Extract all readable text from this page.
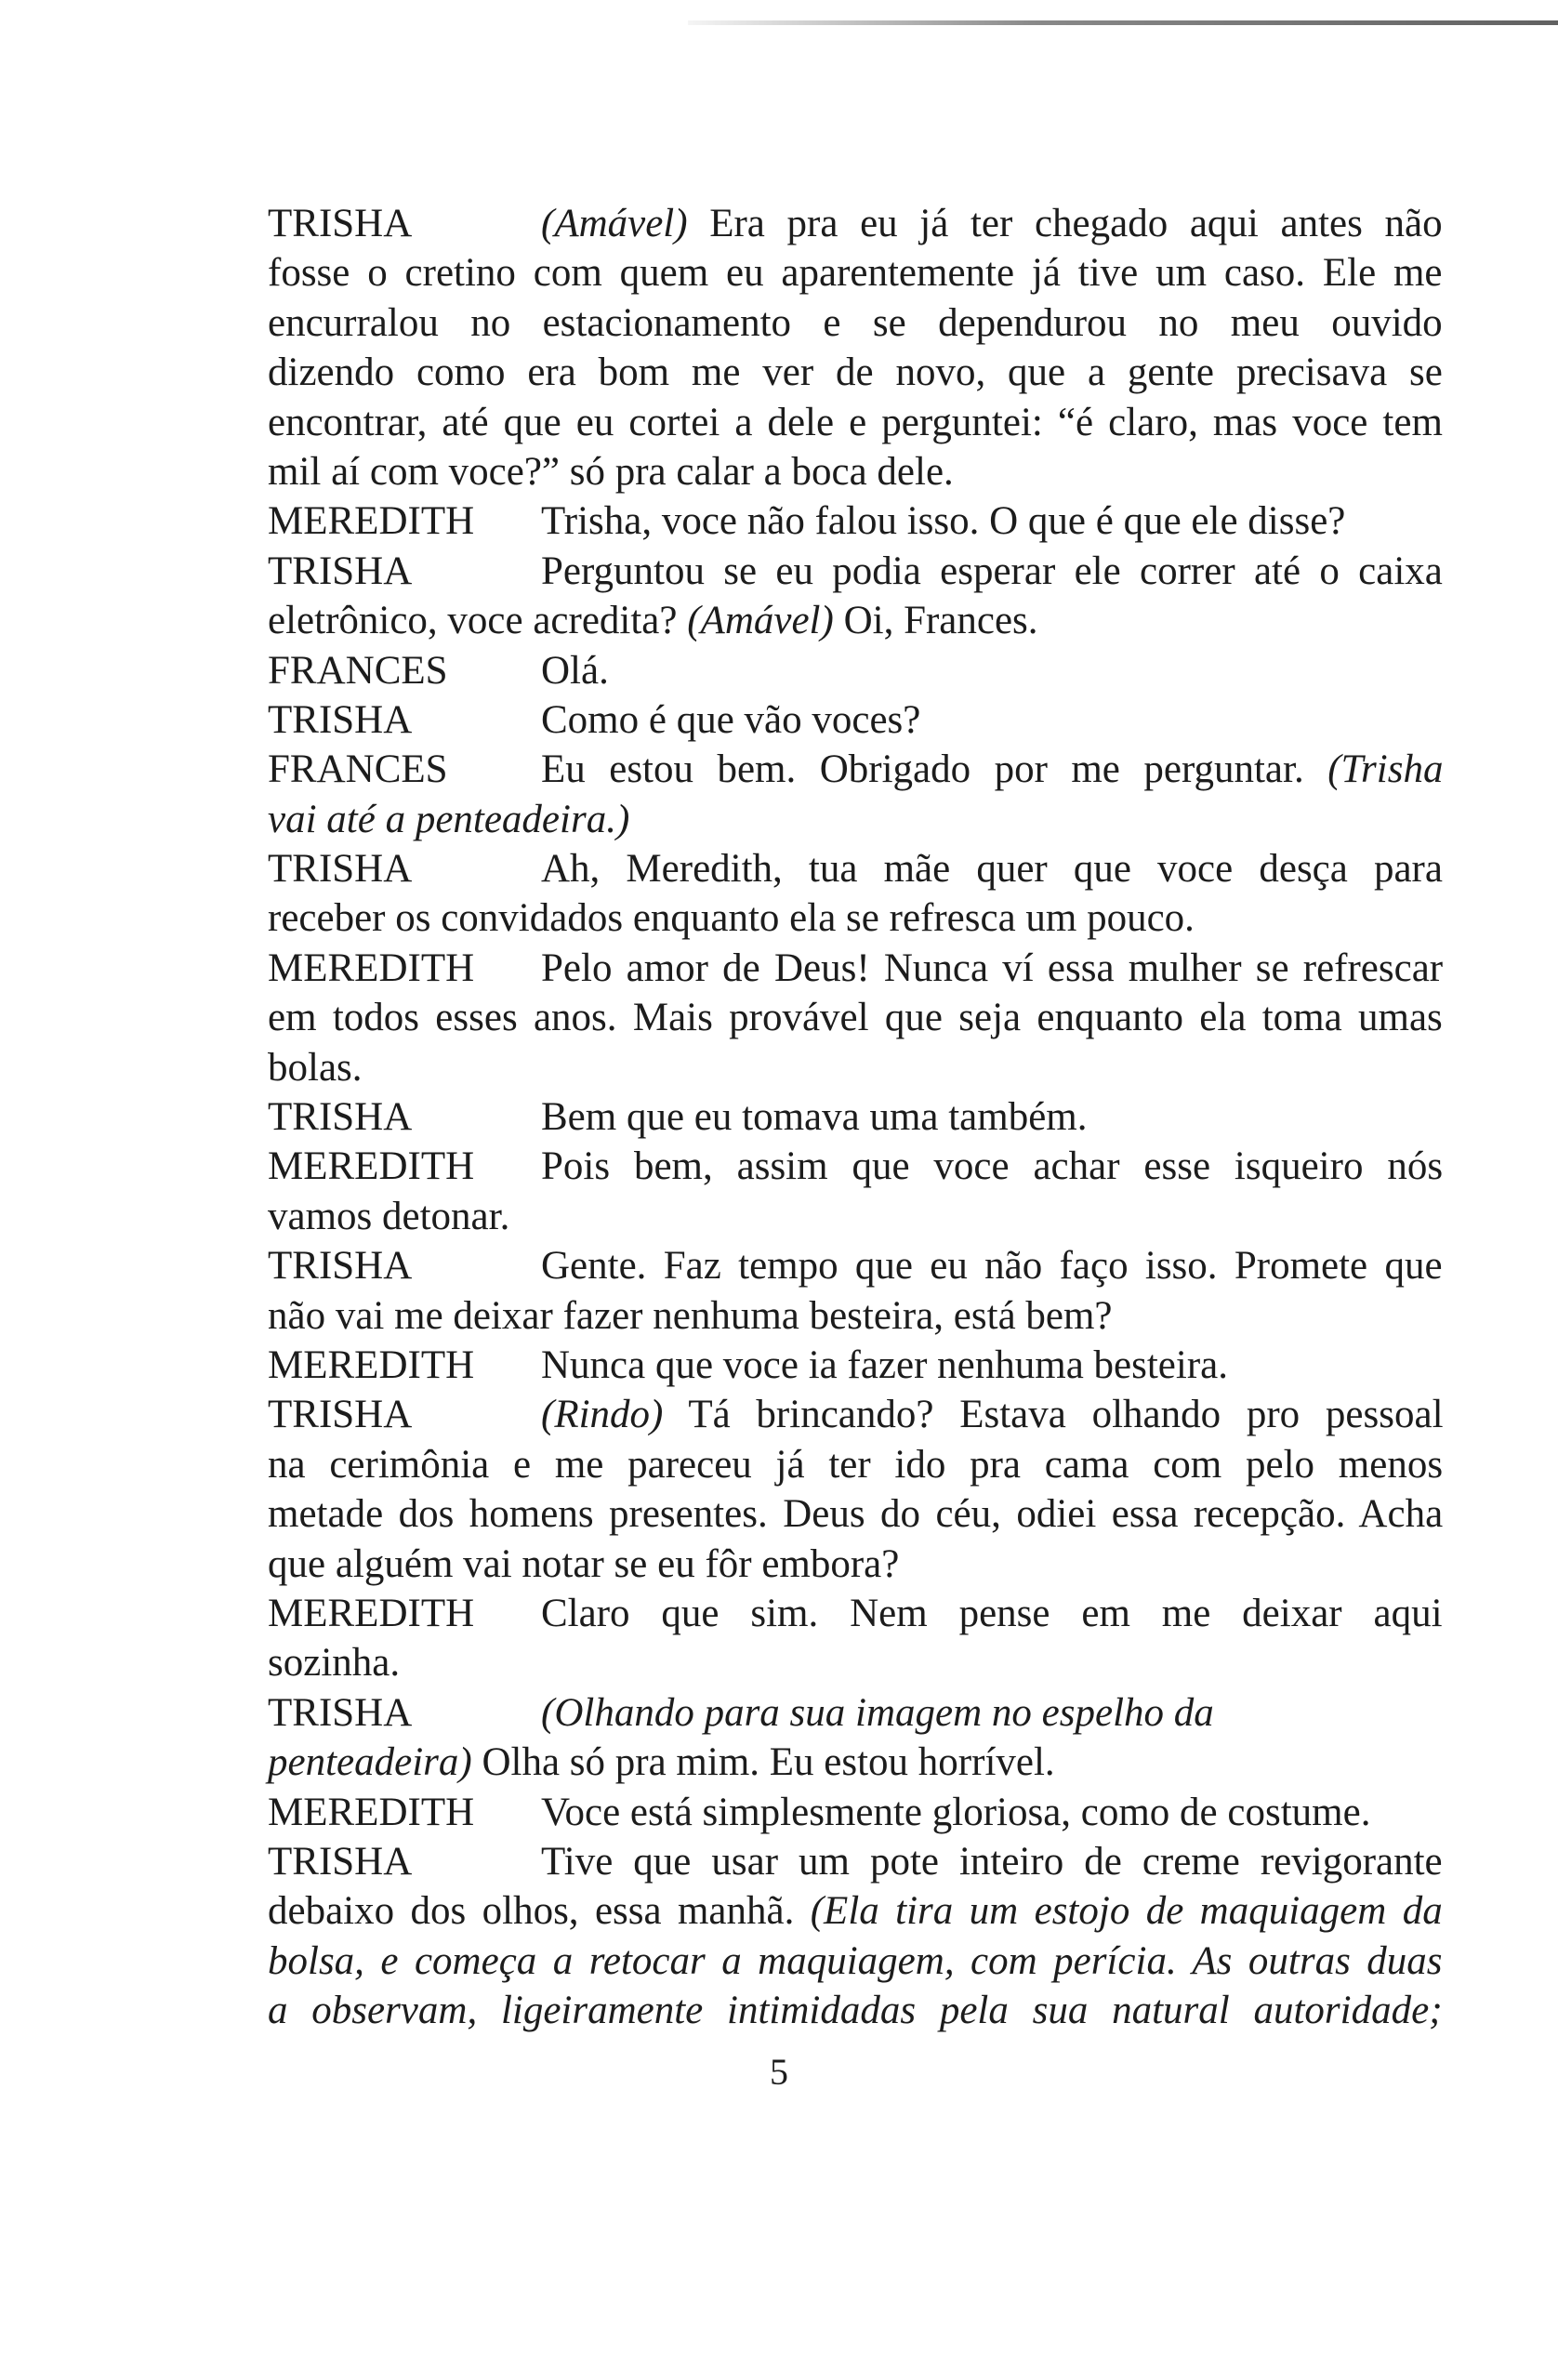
TRISHA	(Amável) Era pra eu já ter chegado aqui antes não
fosse o cretino com quem eu aparentemente já tive um caso. Ele me
encurralou no estacionamento e se dependurou no meu ouvido
dizendo como era bom me ver de novo, que a gente precisava se
encontrar, até que eu cortei a dele e perguntei: “é claro, mas voce tem
mil aí com voce?” só pra calar a boca dele.
MEREDITH Trisha, voce não falou isso. O que é que ele disse?
TRISHA	Perguntou se eu podia esperar ele correr até o caixa
eletrônico, voce acredita? (Amável) Oi, Frances.
FRANCES Olá.
TRISHA	Como é que vão voces?
FRANCES Eu estou bem. Obrigado por me perguntar. (Trisha
vai até a penteadeira.)
TRISHA	Ah, Meredith, tua mãe quer que voce desça para
receber os convidados enquanto ela se refresca um pouco.
MEREDITH Pelo amor de Deus! Nunca ví essa mulher se refrescar
em todos esses anos. Mais provável que seja enquanto ela toma umas
bolas.
TRISHA	Bem que eu tomava uma também.
MEREDITH Pois bem, assim que voce achar esse isqueiro nós
vamos detonar.
TRISHA	Gente. Faz tempo que eu não faço isso. Promete que
não vai me deixar fazer nenhuma besteira, está bem?
MEREDITH Nunca que voce ia fazer nenhuma besteira.
TRISHA	(Rindo) Tá brincando? Estava olhando pro pessoal
na cerimônia e me pareceu já ter ido pra cama com pelo menos
metade dos homens presentes. Deus do céu, odiei essa recepção. Acha
que alguém vai notar se eu fôr embora?
MEREDITH Claro que sim. Nem pense em me deixar aqui
sozinha.
TRISHA	(Olhando para sua imagem no espelho da
penteadeira) Olha só pra mim. Eu estou horrível.
MEREDITH Voce está simplesmente gloriosa, como de costume.
TRISHA	Tive que usar um pote inteiro de creme revigorante
debaixo dos olhos, essa manhã. (Ela tira um estojo de maquiagem da
bolsa, e começa a retocar a maquiagem, com perícia. As outras duas
a observam, ligeiramente intimidadas pela sua natural autoridade;
5
